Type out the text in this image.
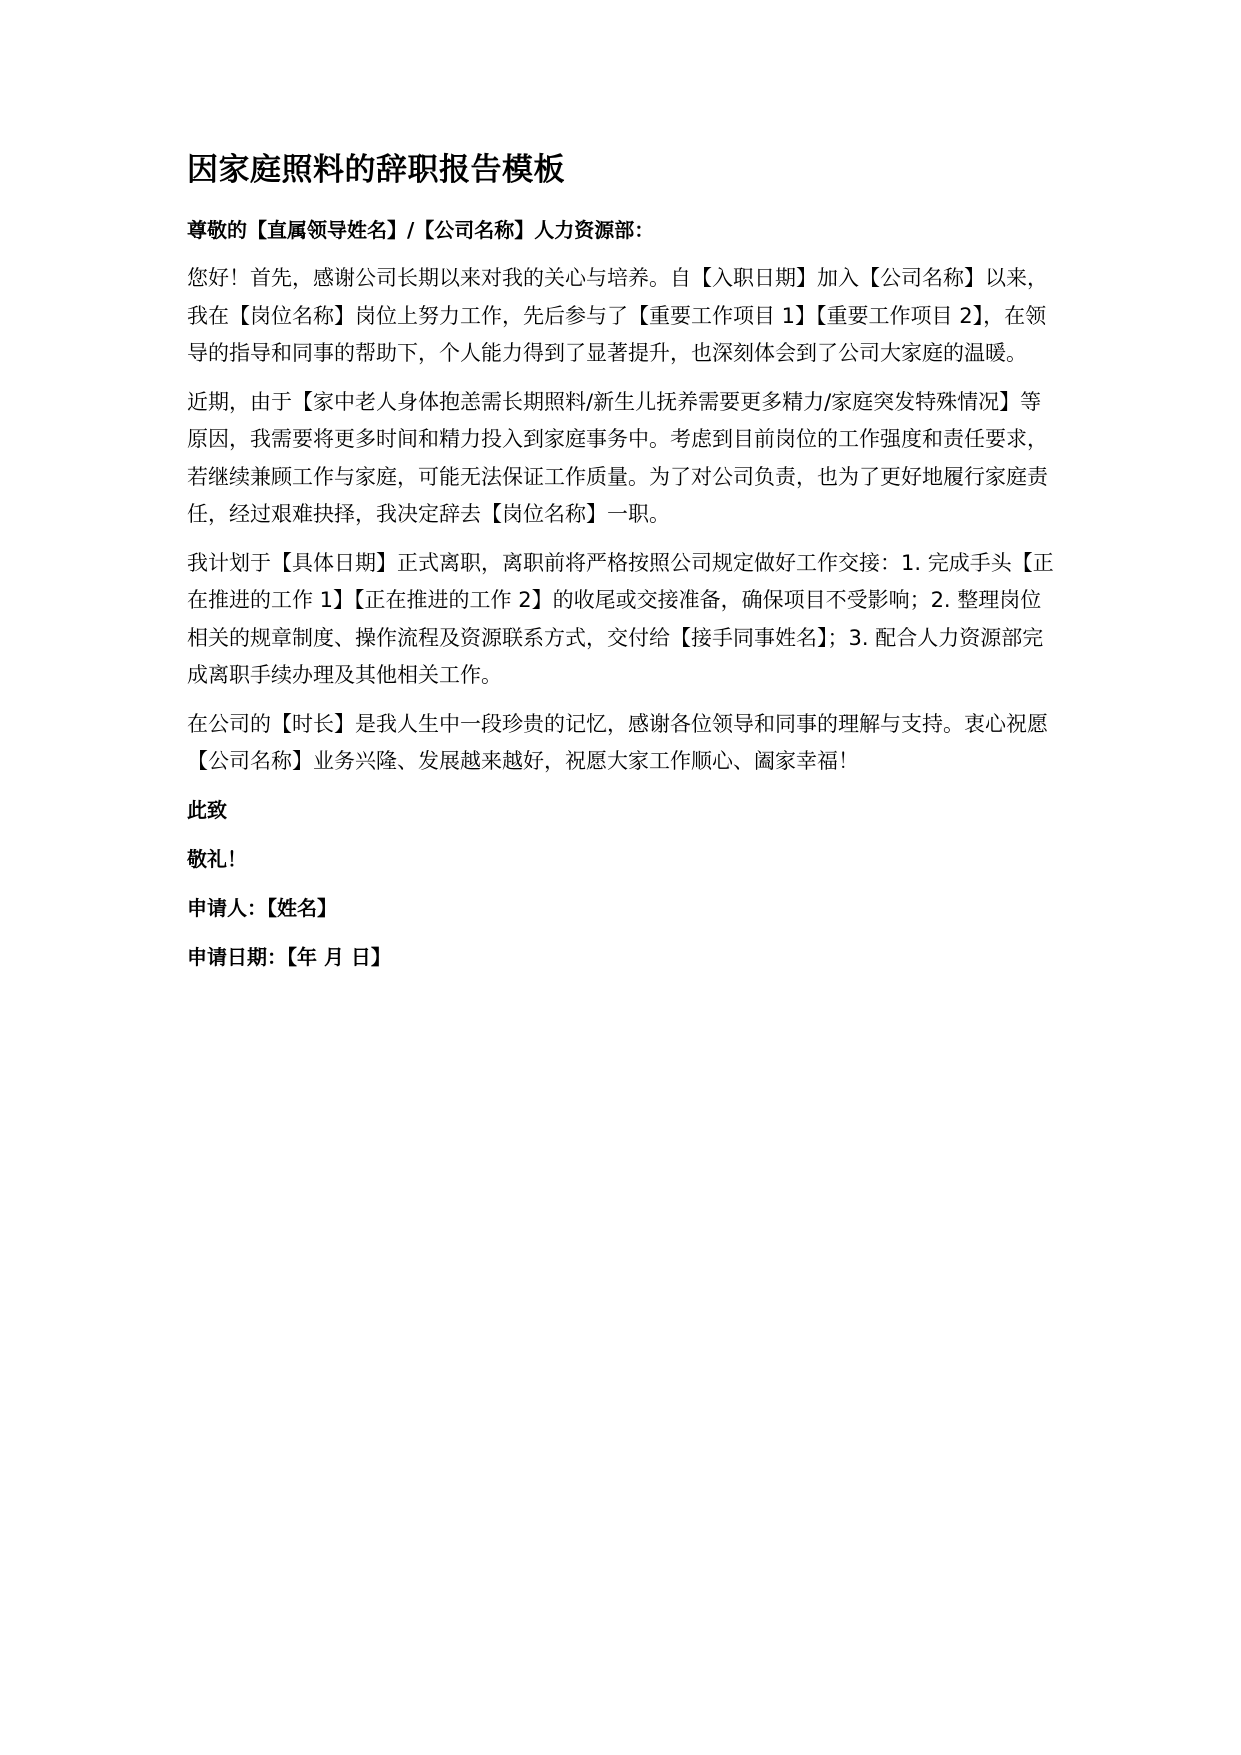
因家庭照料的辞职报告模板
尊敬的【直属领导姓名】/【公司名称】人力资源部：
您好！首先，感谢公司长期以来对我的关心与培养。自【入职日期】加入【公司名称】以来，我在【岗位名称】岗位上努力工作，先后参与了【重要工作项目 1】【重要工作项目 2】，在领导的指导和同事的帮助下，个人能力得到了显著提升，也深刻体会到了公司大家庭的温暖。
近期，由于【家中老人身体抱恙需长期照料/新生儿抚养需要更多精力/家庭突发特殊情况】等原因，我需要将更多时间和精力投入到家庭事务中。考虑到目前岗位的工作强度和责任要求，若继续兼顾工作与家庭，可能无法保证工作质量。为了对公司负责，也为了更好地履行家庭责任，经过艰难抉择，我决定辞去【岗位名称】一职。
我计划于【具体日期】正式离职，离职前将严格按照公司规定做好工作交接：1. 完成手头【正在推进的工作 1】【正在推进的工作 2】的收尾或交接准备，确保项目不受影响；2. 整理岗位相关的规章制度、操作流程及资源联系方式，交付给【接手同事姓名】；3. 配合人力资源部完成离职手续办理及其他相关工作。
在公司的【时长】是我人生中一段珍贵的记忆，感谢各位领导和同事的理解与支持。衷心祝愿【公司名称】业务兴隆、发展越来越好，祝愿大家工作顺心、阖家幸福！
此致
敬礼！
申请人：【姓名】
申请日期：【年 月 日】
